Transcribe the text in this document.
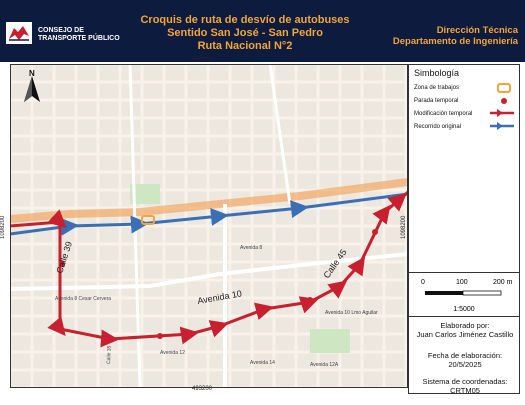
CONSEJO DE
TRANSPORTE PÚBLICO
Croquis de ruta de desvío de autobuses
Sentido San José - San Pedro
Ruta Nacional N°2
Dirección Técnica
Departamento de Ingeniería
Calle 39
Avenida 10
Calle 45
Avenida 8
Avenida 12
Calle 35
Avenida 8 Cesar Cervera
Avenida 14	Avenida 12A
Avenida 10 Lmo Aguilar
N
493200
493200
1098200	1098200
Simbología
Zona de trabajos
Parada temporal
Modificación temporal
Recorrido original
0	100	200 m
1:5000
Elaborado por:
Juan Carlos Jiménez Castillo
Fecha de elaboración:
20/5/2025
Sistema de coordenadas:
CRTM05
